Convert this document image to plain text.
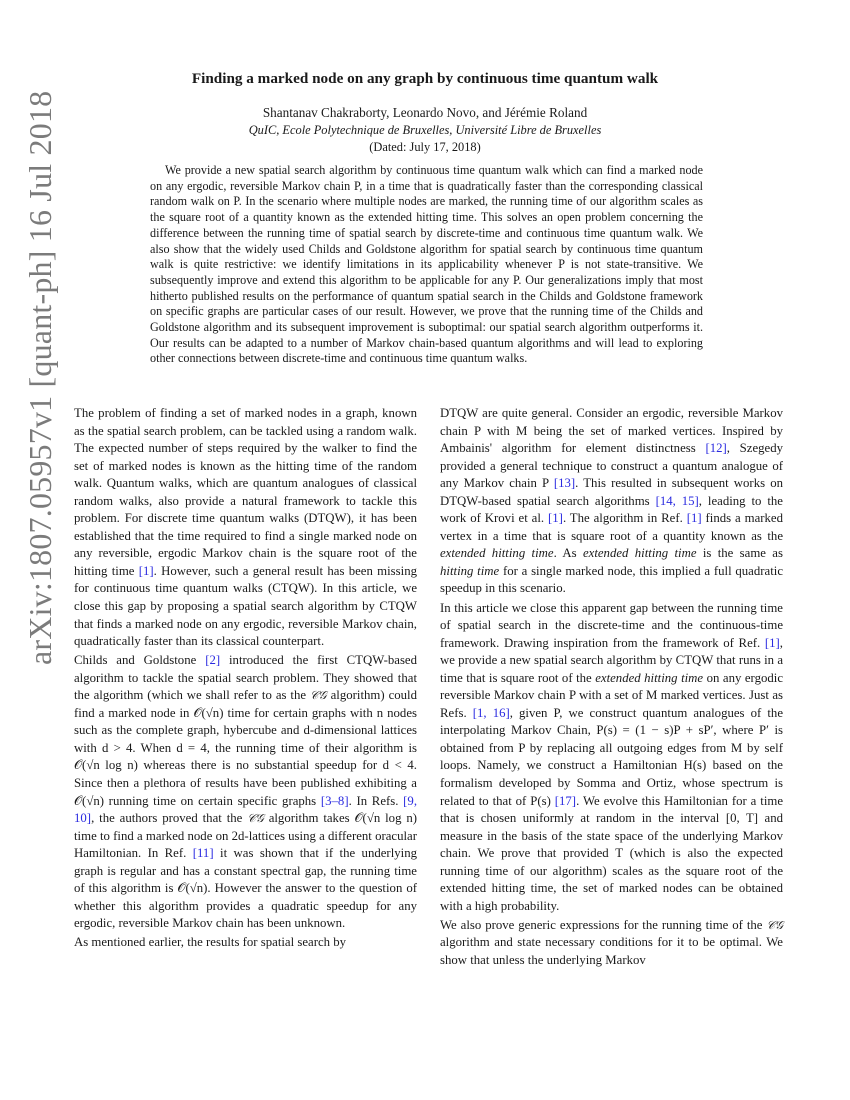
arXiv:1807.05957v1 [quant-ph] 16 Jul 2018
Finding a marked node on any graph by continuous time quantum walk
Shantanav Chakraborty, Leonardo Novo, and Jérémie Roland
QuIC, Ecole Polytechnique de Bruxelles, Université Libre de Bruxelles
(Dated: July 17, 2018)
We provide a new spatial search algorithm by continuous time quantum walk which can find a marked node on any ergodic, reversible Markov chain P, in a time that is quadratically faster than the corresponding classical random walk on P. In the scenario where multiple nodes are marked, the running time of our algorithm scales as the square root of a quantity known as the extended hitting time. This solves an open problem concerning the difference between the running time of spatial search by discrete-time and continuous time quantum walk. We also show that the widely used Childs and Goldstone algorithm for spatial search by continuous time quantum walk is quite restrictive: we identify limitations in its applicability whenever P is not state-transitive. We subsequently improve and extend this algorithm to be applicable for any P. Our generalizations imply that most hitherto published results on the performance of quantum spatial search in the Childs and Goldstone framework on specific graphs are particular cases of our result. However, we prove that the running time of the Childs and Goldstone algorithm and its subsequent improvement is suboptimal: our spatial search algorithm outperforms it. Our results can be adapted to a number of Markov chain-based quantum algorithms and will lead to exploring other connections between discrete-time and continuous time quantum walks.

The problem of finding a set of marked nodes in a graph, known as the spatial search problem, can be tackled using a random walk. The expected number of steps required by the walker to find the set of marked nodes is known as the hitting time of the random walk. Quantum walks, which are quantum analogues of classical random walks, also provide a natural framework to tackle this problem. For discrete time quantum walks (DTQW), it has been established that the time required to find a single marked node on any reversible, ergodic Markov chain is the square root of the hitting time [1]. However, such a general result has been missing for continuous time quantum walks (CTQW). In this article, we close this gap by proposing a spatial search algorithm by CTQW that finds a marked node on any ergodic, reversible Markov chain, quadratically faster than its classical counterpart.

Childs and Goldstone [2] introduced the first CTQW-based algorithm to tackle the spatial search problem. They showed that the algorithm (which we shall refer to as the 𝒞𝒢 algorithm) could find a marked node in 𝒪(√n) time for certain graphs with n nodes such as the complete graph, hybercube and d-dimensional lattices with d > 4. When d = 4, the running time of their algorithm is 𝒪(√n log n) whereas there is no substantial speedup for d < 4. Since then a plethora of results have been published exhibiting a 𝒪(√n) running time on certain specific graphs [3–8]. In Refs. [9, 10], the authors proved that the 𝒞𝒢 algorithm takes 𝒪(√n log n) time to find a marked node on 2d-lattices using a different oracular Hamiltonian. In Ref. [11] it was shown that if the underlying graph is regular and has a constant spectral gap, the running time of this algorithm is 𝒪(√n). However the answer to the question of whether this algorithm provides a quadratic speedup for any ergodic, reversible Markov chain has been unknown.

As mentioned earlier, the results for spatial search by

DTQW are quite general. Consider an ergodic, reversible Markov chain P with M being the set of marked vertices. Inspired by Ambainis' algorithm for element distinctness [12], Szegedy provided a general technique to construct a quantum analogue of any Markov chain P [13]. This resulted in subsequent works on DTQW-based spatial search algorithms [14, 15], leading to the work of Krovi et al. [1]. The algorithm in Ref. [1] finds a marked vertex in a time that is square root of a quantity known as the extended hitting time. As extended hitting time is the same as hitting time for a single marked node, this implied a full quadratic speedup in this scenario.

In this article we close this apparent gap between the running time of spatial search in the discrete-time and the continuous-time framework. Drawing inspiration from the framework of Ref. [1], we provide a new spatial search algorithm by CTQW that runs in a time that is square root of the extended hitting time on any ergodic reversible Markov chain P with a set of M marked vertices. Just as Refs. [1, 16], given P, we construct quantum analogues of the interpolating Markov Chain, P(s) = (1 − s)P + sP′, where P′ is obtained from P by replacing all outgoing edges from M by self loops. Namely, we construct a Hamiltonian H(s) based on the formalism developed by Somma and Ortiz, whose spectrum is related to that of P(s) [17]. We evolve this Hamiltonian for a time that is chosen uniformly at random in the interval [0, T] and measure in the basis of the state space of the underlying Markov chain. We prove that provided T (which is also the expected running time of our algorithm) scales as the square root of the extended hitting time, the set of marked nodes can be obtained with a high probability.

We also prove generic expressions for the running time of the 𝒞𝒢 algorithm and state necessary conditions for it to be optimal. We show that unless the underlying Markov
